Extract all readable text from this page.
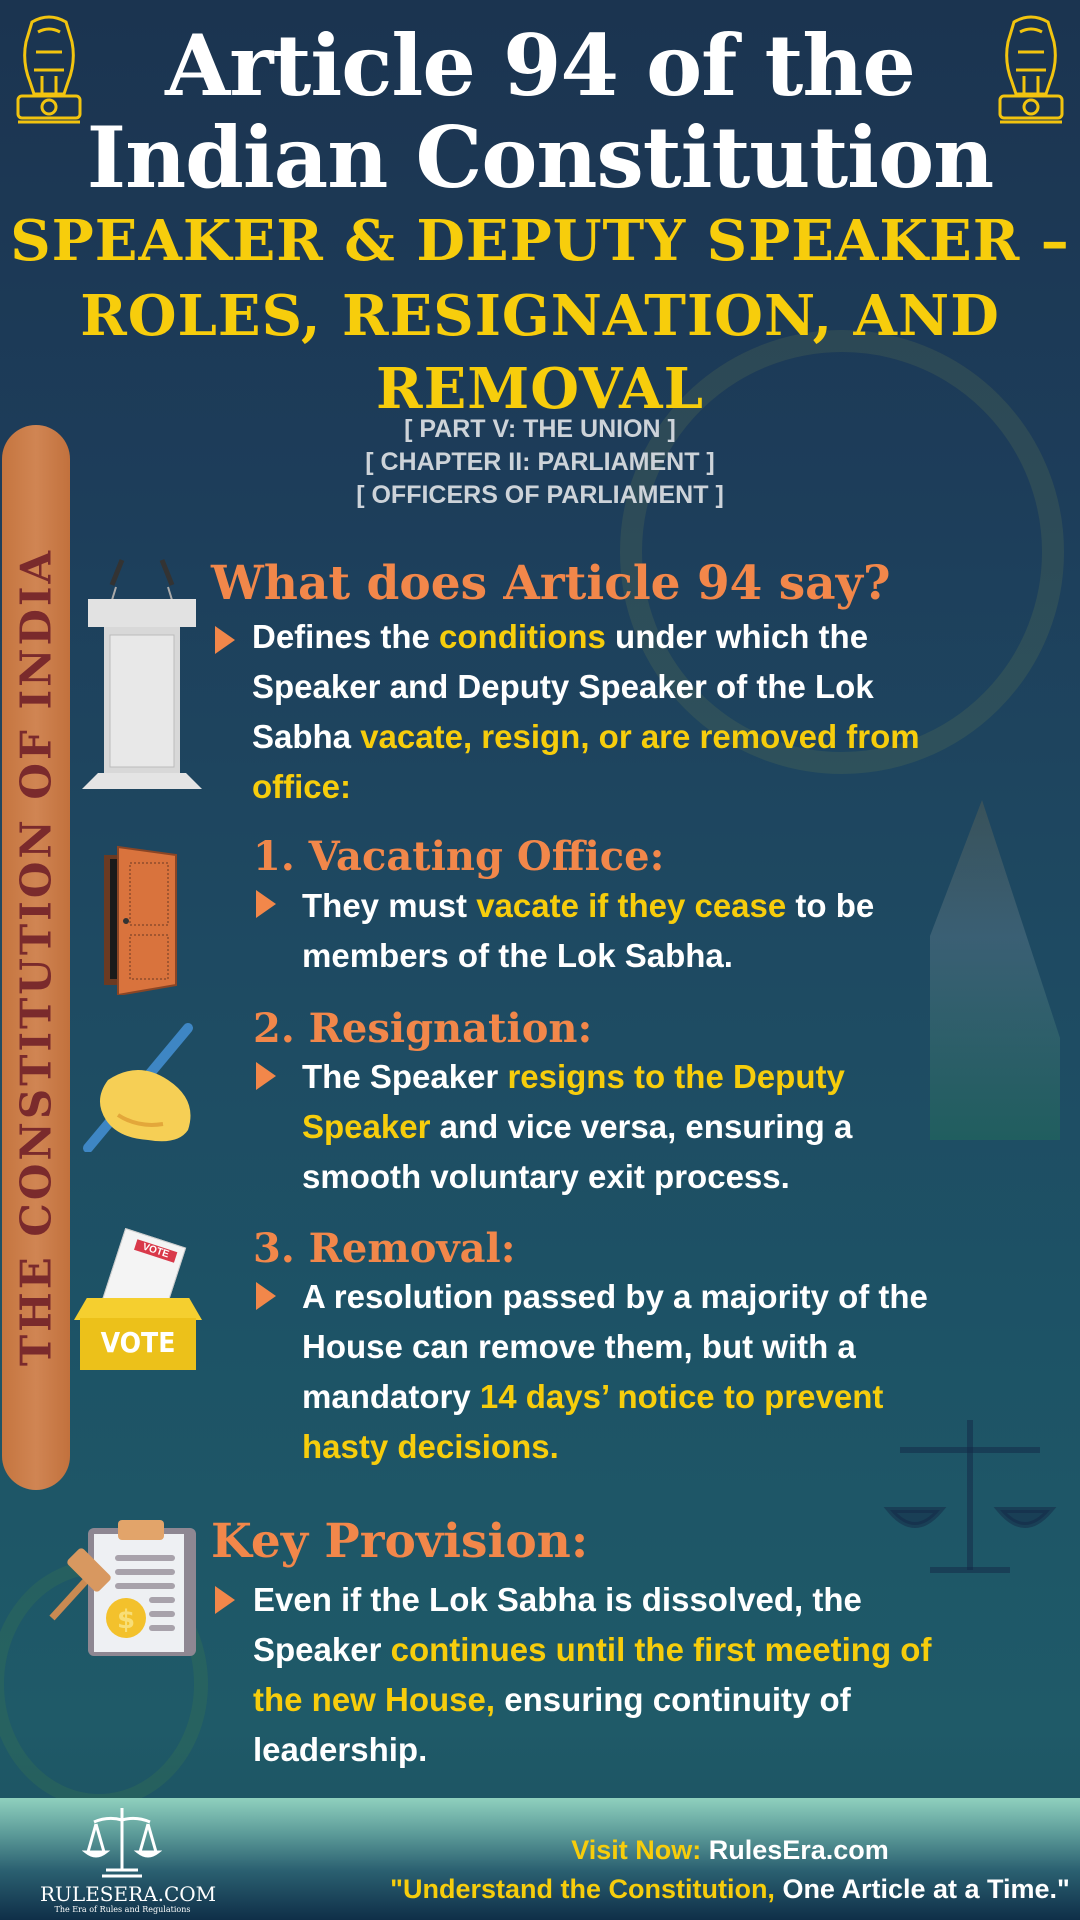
Article 94 of the
Indian Constitution
SPEAKER & DEPUTY SPEAKER –
ROLES, RESIGNATION, AND
REMOVAL
[ PART V: THE UNION ]
[ CHAPTER II: PARLIAMENT ]
[ OFFICERS OF PARLIAMENT ]
THE CONSTITUTION OF INDIA	What does Article 94 say?
Defines the conditions under which the
Speaker and Deputy Speaker of the Lok
Sabha vacate, resign, or are removed from
office:
1. Vacating Office:
They must vacate if they cease to be
members of the Lok Sabha.
2. Resignation:
The Speaker resigns to the Deputy
Speaker and vice versa, ensuring a
smooth voluntary exit process.
VOTE
VOTE
3. Removal:
A resolution passed by a majority of the
House can remove them, but with a
mandatory 14 days’ notice to prevent
hasty decisions.
$
Key Provision:
Even if the Lok Sabha is dissolved, the
Speaker continues until the first meeting of
the new House, ensuring continuity of
leadership.
RULESERA.COM
The Era of Rules and Regulations
Visit Now: RulesEra.com
"Understand the Constitution, One Article at a Time."
